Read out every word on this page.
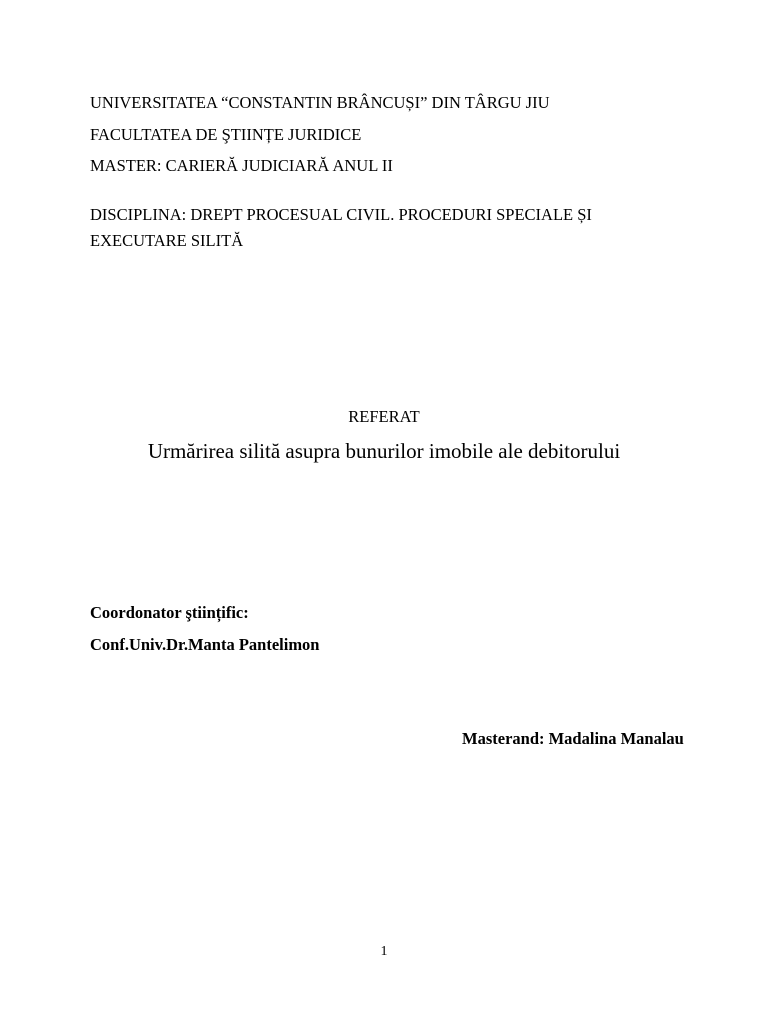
UNIVERSITATEA “CONSTANTIN BRÂNCUȘI” DIN TÂRGU JIU
FACULTATEA DE ŞTIINȚE JURIDICE
MASTER: CARIERĂ JUDICIARĂ ANUL II
DISCIPLINA: DREPT PROCESUAL CIVIL. PROCEDURI SPECIALE ȘI
EXECUTARE SILITĂ
REFERAT
Urmărirea silită asupra bunurilor imobile ale debitorului
Coordonator ştiințific:
Conf.Univ.Dr.Manta Pantelimon
Masterand: Madalina Manalau
1
